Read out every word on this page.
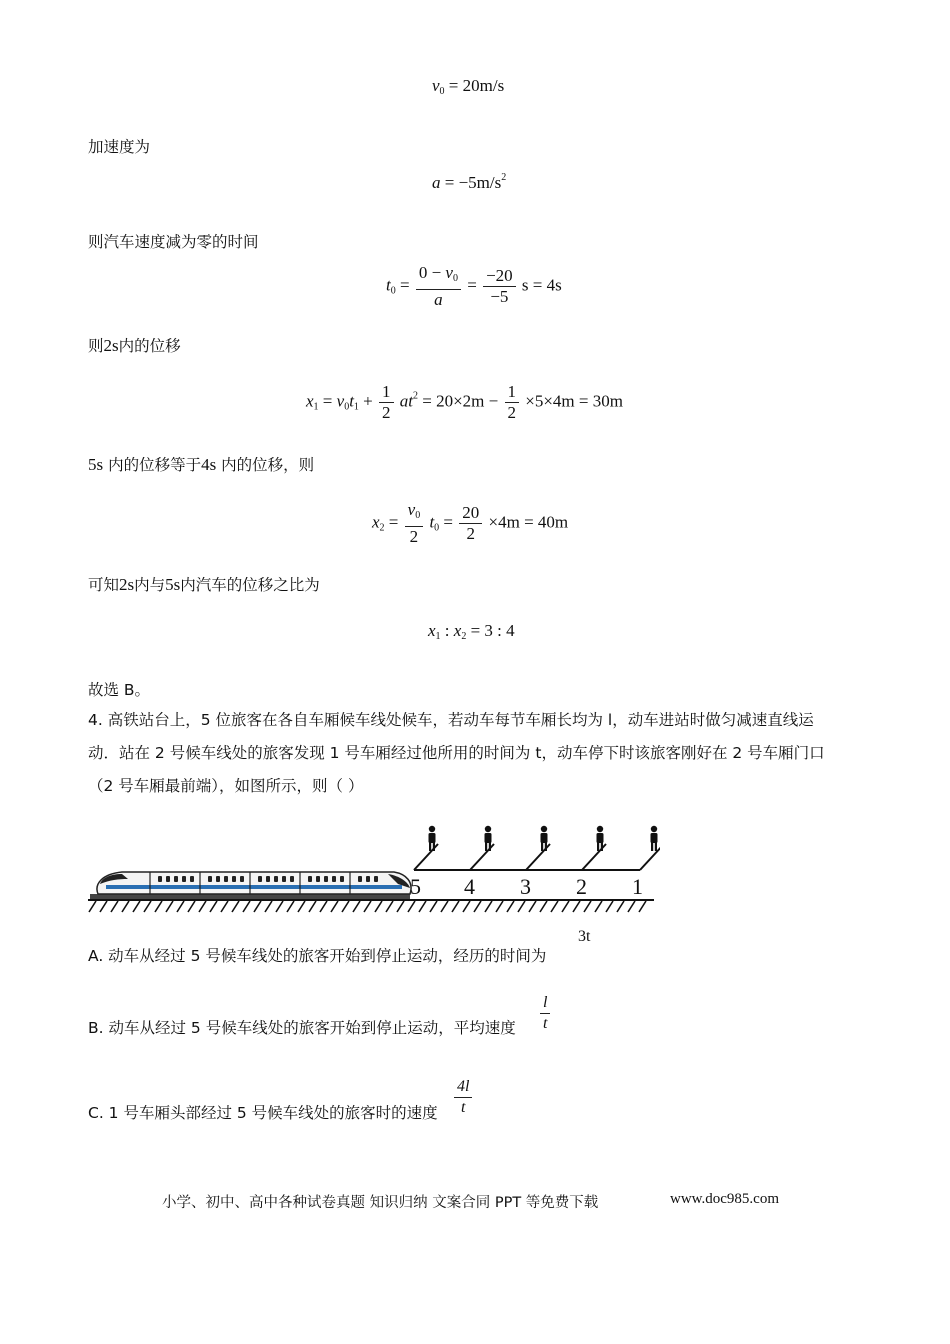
$v_0 = 20m/s$
加速度为
$a = -5m/s^2$
则汽车速度减为零的时间
$t_0 = \frac{0 - v_0}{a} = \frac{-20}{-5}$ s = 4s
则2s内的位移
$x_1 = v_0t_1 + \frac{1}{2} at^2 = 20\times 2m - \frac{1}{2} \times 5\times 4m = 30m$
5s 内的位移等于4s 内的位移，则
$x_2 = \frac{v_0}{2} t_0 = \frac{20}{2} \times 4m = 40m$
可知2s内与5s内汽车的位移之比为
$x_1$ : $x_2 = 3$ : 4
故选 B。
4. 高铁站台上，5 位旅客在各自车厢候车线处候车，若动车每节车厢长均为 l，动车进站时做匀减速直线运
动．站在 2 号候车线处的旅客发现 1 号车厢经过他所用的时间为 t，动车停下时该旅客刚好在 2 号车厢门口
（2 号车厢最前端），如图所示，则（ ）
5 4 3 2 1
A. 动车从经过 5 号候车线处的旅客开始到停止运动，经历的时间为
3t
B. 动车从经过 5 号候车线处的旅客开始到停止运动，平均速度 $\frac{l}{t}$
C. 1 号车厢头部经过 5 号候车线处的旅客时的速度 $\frac{4l}{t}$
小学、初中、高中各种试卷真题 知识归纳 文案合同 PPT 等免费下载	www.doc985.com
